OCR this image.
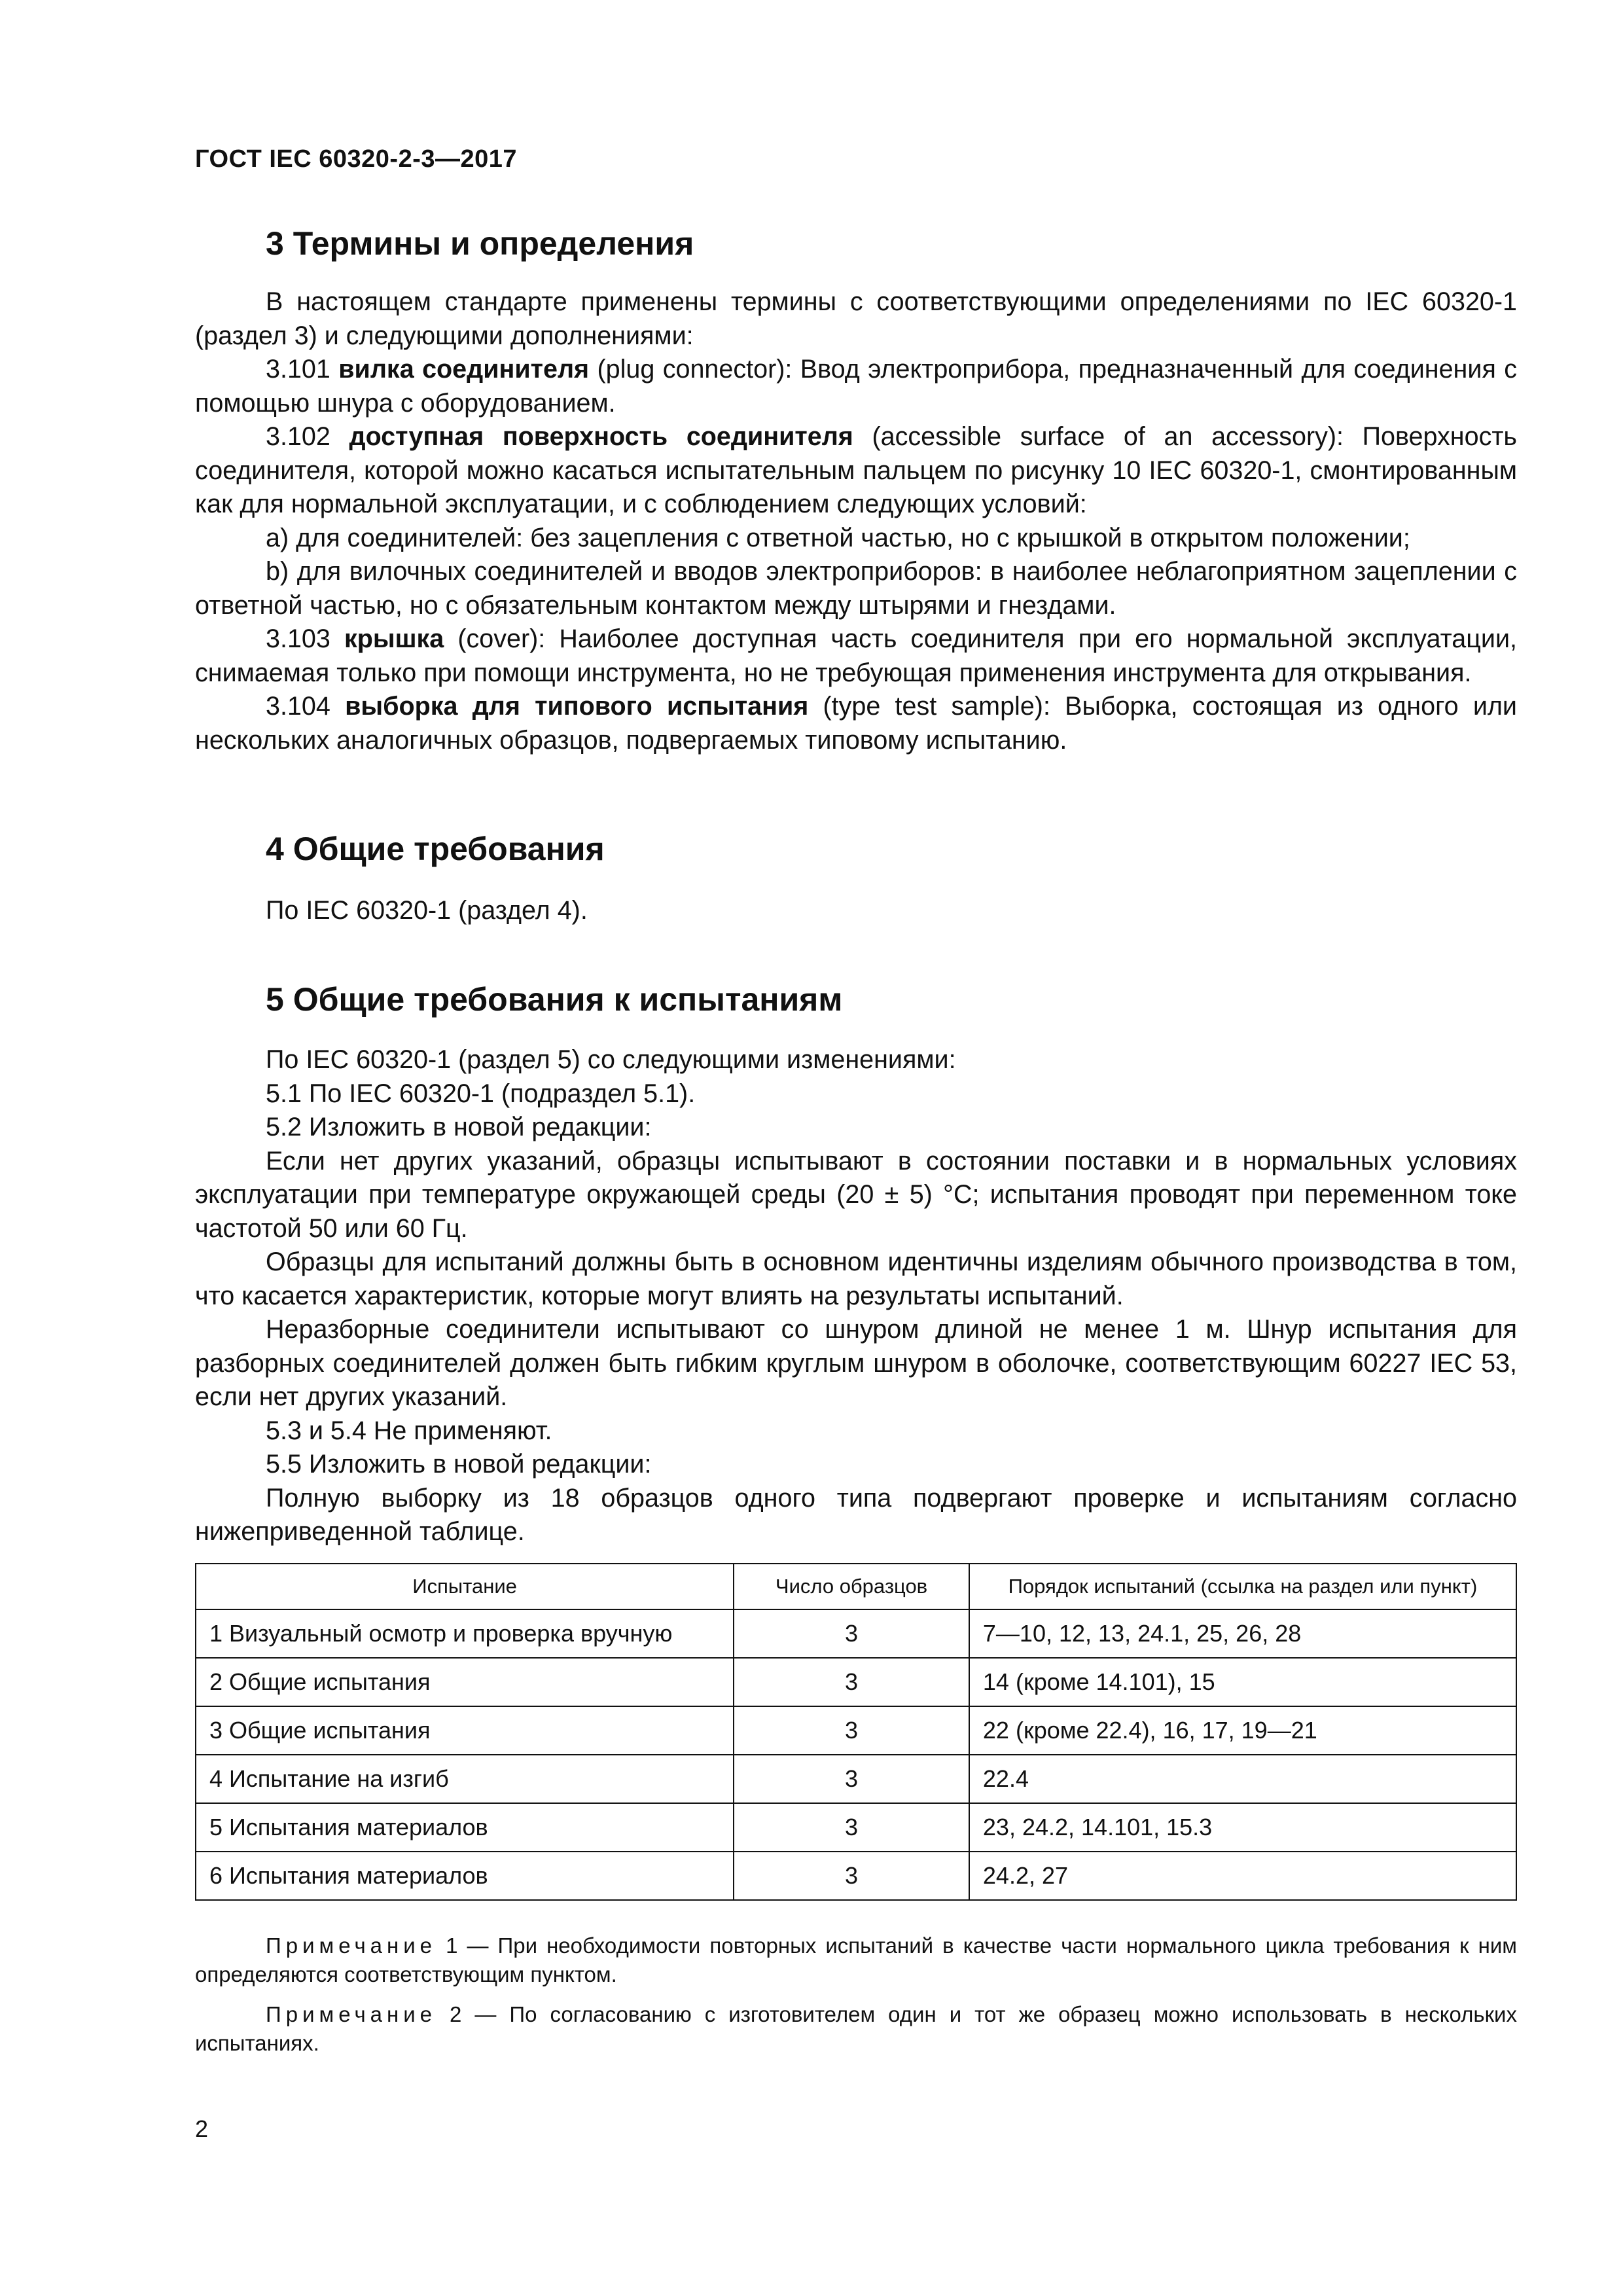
ГОСТ IEC 60320-2-3—2017
3 Термины и определения

В настоящем стандарте применены термины с соответствующими определениями по IEC 60320-1 (раздел 3) и следующими дополнениями:

3.101 вилка соединителя (plug connector): Ввод электроприбора, предназначенный для соединения с помощью шнура с оборудованием.

3.102 доступная поверхность соединителя (accessible surface of an accessory): Поверхность соединителя, которой можно касаться испытательным пальцем по рисунку 10 IEC 60320-1, смонтированным как для нормальной эксплуатации, и с соблюдением следующих условий:

a) для соединителей: без зацепления с ответной частью, но с крышкой в открытом положении;

b) для вилочных соединителей и вводов электроприборов: в наиболее неблагоприятном зацеплении с ответной частью, но с обязательным контактом между штырями и гнездами.

3.103 крышка (cover): Наиболее доступная часть соединителя при его нормальной эксплуатации, снимаемая только при помощи инструмента, но не требующая применения инструмента для открывания.

3.104 выборка для типового испытания (type test sample): Выборка, состоящая из одного или нескольких аналогичных образцов, подвергаемых типовому испытанию.

4 Общие требования

По IEC 60320-1 (раздел 4).

5 Общие требования к испытаниям

По IEC 60320-1 (раздел 5) со следующими изменениями:

5.1 По IEC 60320-1 (подраздел 5.1).

5.2 Изложить в новой редакции:

Если нет других указаний, образцы испытывают в состоянии поставки и в нормальных условиях эксплуатации при температуре окружающей среды (20 ± 5) °С; испытания проводят при переменном токе частотой 50 или 60 Гц.

Образцы для испытаний должны быть в основном идентичны изделиям обычного производства в том, что касается характеристик, которые могут влиять на результаты испытаний.

Неразборные соединители испытывают со шнуром длиной не менее 1 м. Шнур испытания для разборных соединителей должен быть гибким круглым шнуром в оболочке, соответствующим 60227 IEC 53, если нет других указаний.

5.3 и 5.4 Не применяют.

5.5 Изложить в новой редакции:

Полную выборку из 18 образцов одного типа подвергают проверке и испытаниям согласно нижеприведенной таблице.

Испытание	Число образцов	Порядок испытаний (ссылка на раздел или пункт)
1 Визуальный осмотр и проверка вручную	3	7—10, 12, 13, 24.1, 25, 26, 28
2 Общие испытания	3	14 (кроме 14.101), 15
3 Общие испытания	3	22 (кроме 22.4), 16, 17, 19—21
4 Испытание на изгиб	3	22.4
5 Испытания материалов	3	23, 24.2, 14.101, 15.3
6 Испытания материалов	3	24.2, 27

Примечание 1 — При необходимости повторных испытаний в качестве части нормального цикла требования к ним определяются соответствующим пунктом.

Примечание 2 — По согласованию с изготовителем один и тот же образец можно использовать в нескольких испытаниях.

2
